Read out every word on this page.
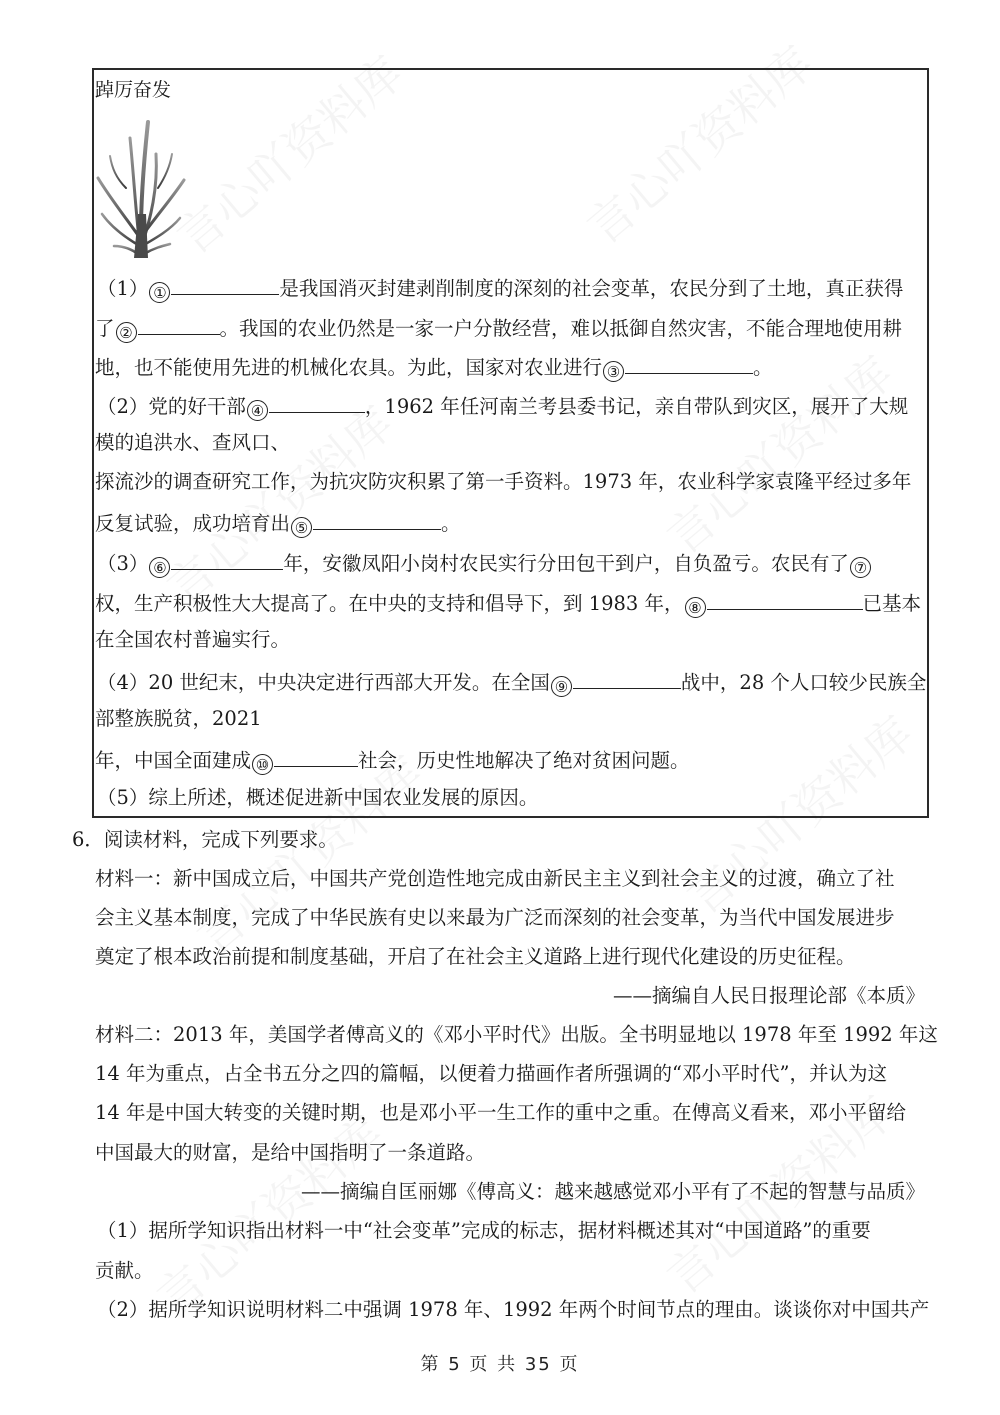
踔厉奋发
（1） ①	是我国消灭封建剥削制度的深刻的社会变革，农民分到了土地，真正获得
了 ②	。我国的农业仍然是一家一户分散经营，难以抵御自然灾害，不能合理地使用耕
地，也不能使用先进的机械化农具。为此，国家对农业进行 ③	。
（2）党的好干部 ④	，1962 年任河南兰考县委书记，亲自带队到灾区，展开了大规
模的追洪水、查风口、
探流沙的调查研究工作，为抗灾防灾积累了第一手资料。1973 年，农业科学家袁隆平经过多年
反复试验，成功培育出 ⑤	。
（3） ⑥	年，安徽凤阳小岗村农民实行分田包干到户，自负盈亏。农民有了 ⑦
权，生产积极性大大提高了。在中央的支持和倡导下，到 1983 年， ⑧	已基本
在全国农村普遍实行。
（4）20 世纪末，中央决定进行西部大开发。在全国 ⑨	战中，28 个人口较少民族全
部整族脱贫，2021
年，中国全面建成 ⑩	社会，历史性地解决了绝对贫困问题。
（5）综上所述，概述促进新中国农业发展的原因。
6．阅读材料，完成下列要求。
材料一：新中国成立后，中国共产党创造性地完成由新民主主义到社会主义的过渡，确立了社
会主义基本制度，完成了中华民族有史以来最为广泛而深刻的社会变革，为当代中国发展进步
奠定了根本政治前提和制度基础，开启了在社会主义道路上进行现代化建设的历史征程。
——摘编自人民日报理论部《本质》
材料二：2013 年，美国学者傅高义的《邓小平时代》出版。全书明显地以 1978 年至 1992 年这
14 年为重点，占全书五分之四的篇幅，以便着力描画作者所强调的“邓小平时代”，并认为这
14 年是中国大转变的关键时期，也是邓小平一生工作的重中之重。在傅高义看来，邓小平留给
中国最大的财富，是给中国指明了一条道路。
——摘编自匡丽娜《傅高义：越来越感觉邓小平有了不起的智慧与品质》
（1）据所学知识指出材料一中“社会变革”完成的标志，据材料概述其对“中国道路”的重要
贡献。
（2）据所学知识说明材料二中强调 1978 年、1992 年两个时间节点的理由。谈谈你对中国共产
第 5 页 共 35 页
